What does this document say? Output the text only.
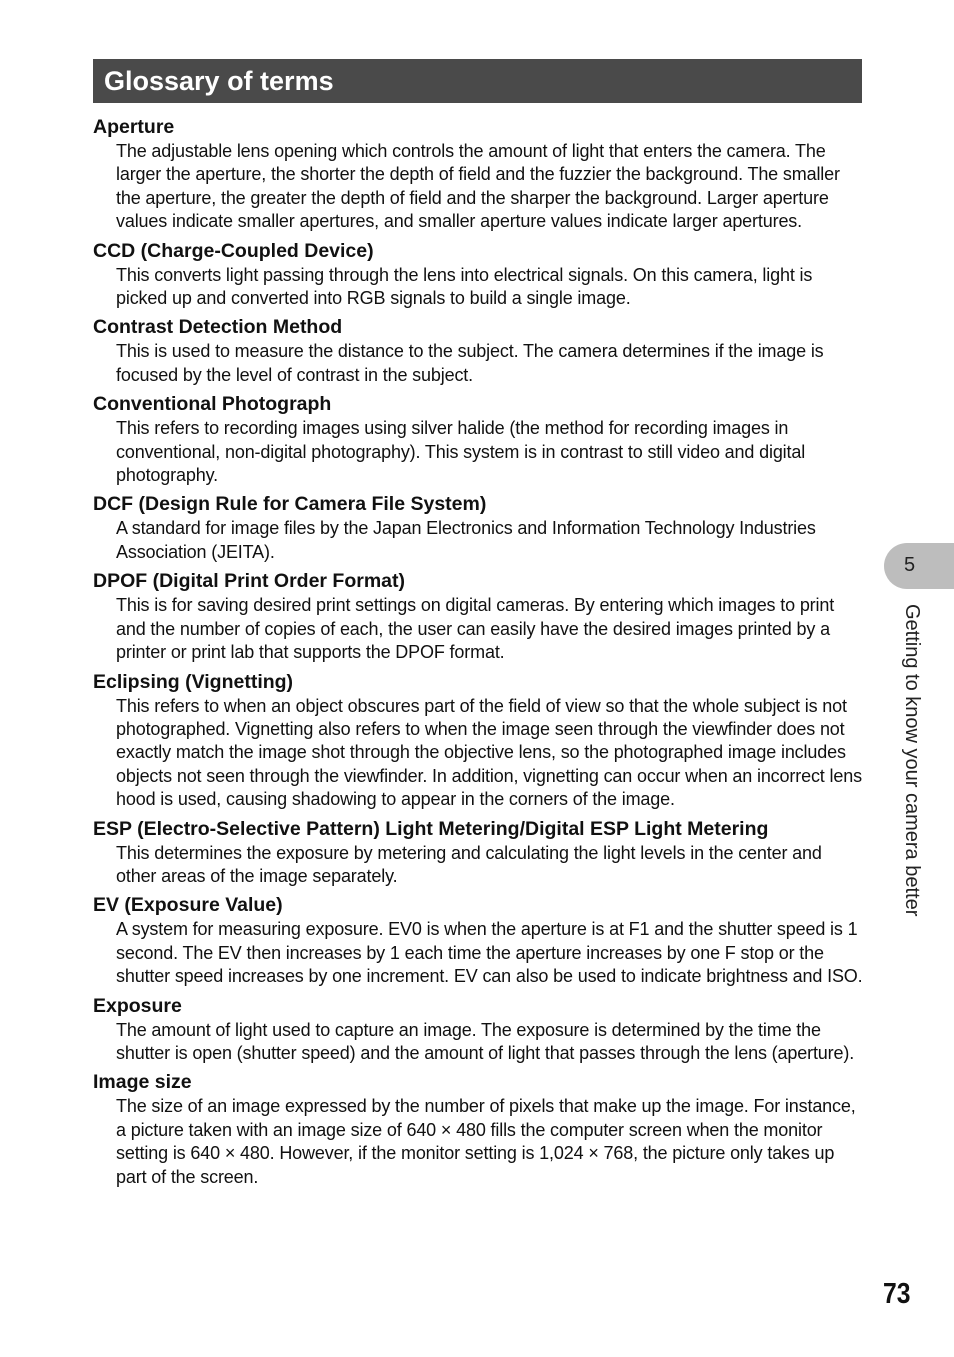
Glossary of terms
Aperture
The adjustable lens opening which controls the amount of light that enters the camera. The larger the aperture, the shorter the depth of field and the fuzzier the background. The smaller the aperture, the greater the depth of field and the sharper the background. Larger aperture values indicate smaller apertures, and smaller aperture values indicate larger apertures.
CCD (Charge-Coupled Device)
This converts light passing through the lens into electrical signals. On this camera, light is picked up and converted into RGB signals to build a single image.
Contrast Detection Method
This is used to measure the distance to the subject. The camera determines if the image is focused by the level of contrast in the subject.
Conventional Photograph
This refers to recording images using silver halide (the method for recording images in conventional, non-digital photography). This system is in contrast to still video and digital photography.
DCF (Design Rule for Camera File System)
A standard for image files by the Japan Electronics and Information Technology Industries Association (JEITA).
DPOF (Digital Print Order Format)
This is for saving desired print settings on digital cameras. By entering which images to print and the number of copies of each, the user can easily have the desired images printed by a printer or print lab that supports the DPOF format.
Eclipsing (Vignetting)
This refers to when an object obscures part of the field of view so that the whole subject is not photographed. Vignetting also refers to when the image seen through the viewfinder does not exactly match the image shot through the objective lens, so the photographed image includes objects not seen through the viewfinder. In addition, vignetting can occur when an incorrect lens hood is used, causing shadowing to appear in the corners of the image.
ESP (Electro-Selective Pattern) Light Metering/Digital ESP Light Metering
This determines the exposure by metering and calculating the light levels in the center and other areas of the image separately.
EV (Exposure Value)
A system for measuring exposure. EV0 is when the aperture is at F1 and the shutter speed is 1 second. The EV then increases by 1 each time the aperture increases by one F stop or the shutter speed increases by one increment. EV can also be used to indicate brightness and ISO.
Exposure
The amount of light used to capture an image. The exposure is determined by the time the shutter is open (shutter speed) and the amount of light that passes through the lens (aperture).
Image size
The size of an image expressed by the number of pixels that make up the image. For instance, a picture taken with an image size of 640 × 480 fills the computer screen when the monitor setting is 640 × 480. However, if the monitor setting is 1,024 × 768, the picture only takes up part of the screen.
5
Getting to know your camera better
73
